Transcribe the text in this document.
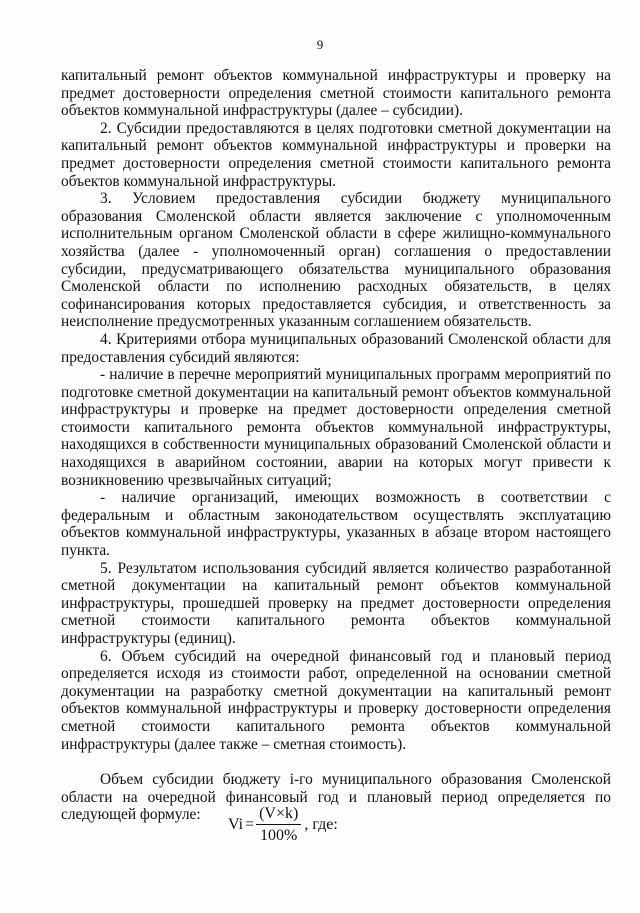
9

капитальный ремонт объектов коммунальной инфраструктуры и проверку на предмет достоверности определения сметной стоимости капитального ремонта объектов коммунальной инфраструктуры (далее – субсидии).

2. Субсидии предоставляются в целях подготовки сметной документации на капитальный ремонт объектов коммунальной инфраструктуры и проверки на предмет достоверности определения сметной стоимости капитального ремонта объектов коммунальной инфраструктуры.

3. Условием предоставления субсидии бюджету муниципального образования Смоленской области является заключение с уполномоченным исполнительным органом Смоленской области в сфере жилищно-коммунального хозяйства (далее - уполномоченный орган) соглашения о предоставлении субсидии, предусматривающего обязательства муниципального образования Смоленской области по исполнению расходных обязательств, в целях софинансирования которых предоставляется субсидия, и ответственность за неисполнение предусмотренных указанным соглашением обязательств.

4. Критериями отбора муниципальных образований Смоленской области для предоставления субсидий являются:

- наличие в перечне мероприятий муниципальных программ мероприятий по подготовке сметной документации на капитальный ремонт объектов коммунальной инфраструктуры и проверке на предмет достоверности определения сметной стоимости капитального ремонта объектов коммунальной инфраструктуры, находящихся в собственности муниципальных образований Смоленской области и находящихся в аварийном состоянии, аварии на которых могут привести к возникновению чрезвычайных ситуаций;

- наличие организаций, имеющих возможность в соответствии с федеральным и областным законодательством осуществлять эксплуатацию объектов коммунальной инфраструктуры, указанных в абзаце втором настоящего пункта.

5. Результатом использования субсидий является количество разработанной сметной документации на капитальный ремонт объектов коммунальной инфраструктуры, прошедшей проверку на предмет достоверности определения сметной стоимости капитального ремонта объектов коммунальной инфраструктуры (единиц).

6. Объем субсидий на очередной финансовый год и плановый период определяется исходя из стоимости работ, определенной на основании сметной документации на разработку сметной документации на капитальный ремонт объектов коммунальной инфраструктуры и проверку достоверности определения сметной стоимости капитального ремонта объектов коммунальной инфраструктуры (далее также – сметная стоимость).

Объем субсидии бюджету i-го муниципального образования Смоленской области на очередной финансовый год и плановый период определяется по следующей формуле:

$Vi = \frac{(V\times k)}{100\%}$ , где:
